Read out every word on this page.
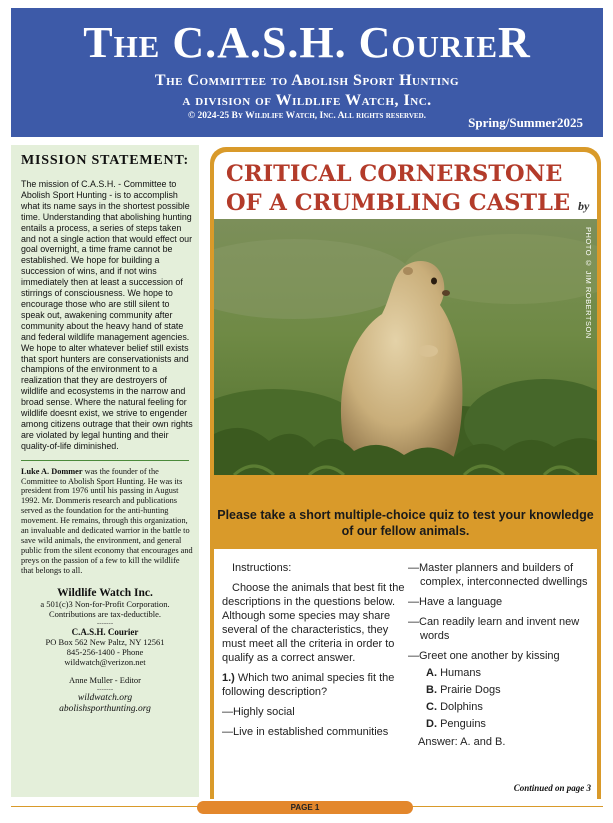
The C.A.S.H. CourieR
The Committee to Abolish Sport Hunting
a division of Wildlife Watch, Inc.
© 2024-25 By Wildlife Watch, Inc. All rights reserved.	Spring/Summer2025
MISSION STATEMENT:
The mission of C.A.S.H. - Committee to Abolish Sport Hunting - is to accomplish what its name says in the shortest possible time. Understanding that abolishing hunting entails a process, a series of steps taken and not a single action that would effect our goal overnight, a time frame cannot be established. We hope for building a succession of wins, and if not wins immediately then at least a succession of stirrings of consciousness. We hope to encourage those who are still silent to speak out, awakening community after community about the heavy hand of state and federal wildlife management agencies. We hope to alter whatever belief still exists that sport hunters are conservationists and champions of the environment to a realization that they are destroyers of wildlife and ecosystems in the narrow and broad sense. Where the natural feeling for wildlife doesnt exist, we strive to engender among citizens outrage that their own rights are violated by legal hunting and their quality-of-life diminished.
Luke A. Dommer was the founder of the Committee to Abolish Sport Hunting. He was its president from 1976 until his passing in August 1992. Mr. Dommeris research and publications served as the foundation for the anti-hunting movement. He remains, through this organization, an invaluable and dedicated warrior in the battle to save wild animals, the environment, and general public from the silent economy that encourages and preys on the passion of a few to kill the wildlife that belongs to all.
Wildlife Watch Inc.
a 501(c)3 Non-for-Profit Corporation.
Contributions are tax-deductible.
-------
C.A.S.H. Courier
PO Box 562 New Paltz, NY 12561
845-256-1400 - Phone
wildwatch@verizon.net
Anne Muller - Editor
-------
wildwatch.org
abolishsporthunting.org
CRITICAL CORNERSTONE OF A CRUMBLING CASTLE by
PHOTO © JIM ROBERTSON
Please take a short multiple-choice quiz to test your knowledge of our fellow animals.

Instructions:

Choose the animals that best fit the descriptions in the questions below. Although some species may share several of the characteristics, they must meet all the criteria in order to qualify as a correct answer.

1.) Which two animal species fit the following description?

—Highly social

—Live in established communities

—Master planners and builders of complex, interconnected dwellings

—Have a language

—Can readily learn and invent new words

—Greet one another by kissing

A. Humans

B. Prairie Dogs

C. Dolphins

D. Penguins

Answer: A. and B.

Continued on page 3
PAGE 1
